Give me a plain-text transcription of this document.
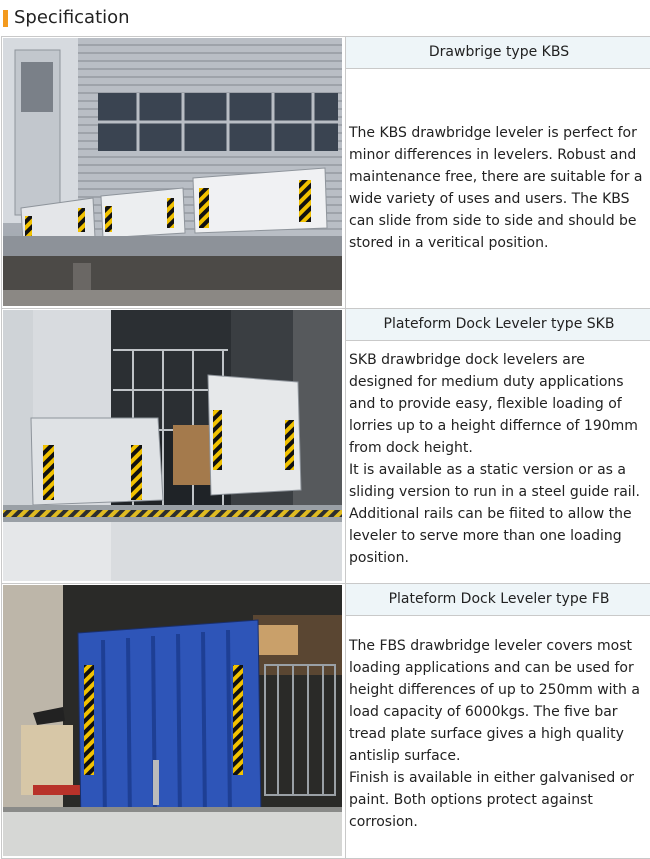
Specification

Drawbrige type KBS
The KBS drawbridge leveler is perfect for minor differences in levelers. Robust and maintenance free, there are suitable for a wide variety of uses and users. The KBS can slide from side to side and should be stored in a veritical position.

Plateform Dock Leveler type SKB
SKB drawbridge dock levelers are designed for medium duty applications and to provide easy, flexible loading of lorries up to a height differnce of 190mm from dock height.
It is available as a static version or as a sliding version to run in a steel guide rail. Additional rails can be fiited to allow the leveler to serve more than one loading position.

Plateform Dock Leveler type FB
The FBS drawbridge leveler covers most loading applications and can be used for height differences of up to 250mm with a load capacity of 6000kgs. The five bar tread plate surface gives a high quality antislip surface.
Finish is available in either galvanised or paint. Both options protect against corrosion.
